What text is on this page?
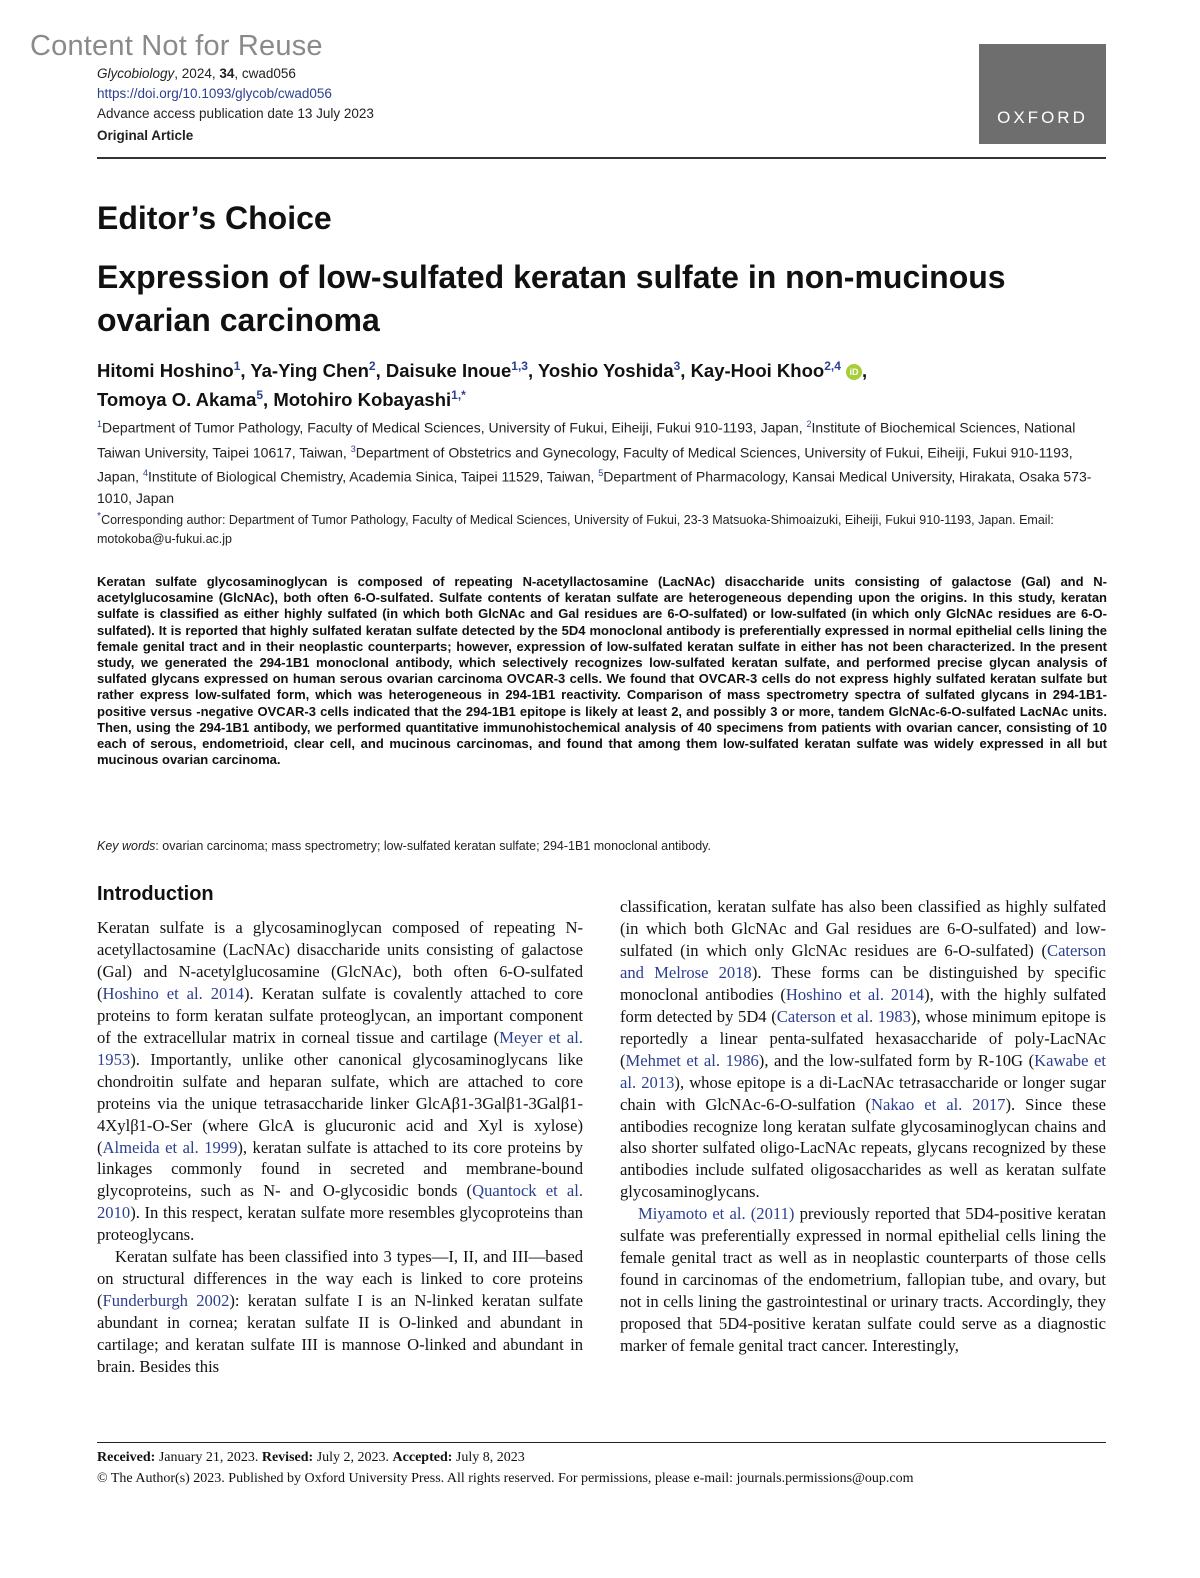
Content Not for Reuse
Glycobiology, 2024, 34, cwad056
https://doi.org/10.1093/glycob/cwad056
Advance access publication date 13 July 2023
Original Article
OXFORD
Editor’s Choice
Expression of low-sulfated keratan sulfate in non-mucinous ovarian carcinoma
Hitomi Hoshino$^1$, Ya-Ying Chen$^2$, Daisuke Inoue$^{1,3}$, Yoshio Yoshida$^3$, Kay-Hooi Khoo$^{2,4}$ iD ,
Tomoya O. Akama$^5$, Motohiro Kobayashi$^{1,*}$
$^1$Department of Tumor Pathology, Faculty of Medical Sciences, University of Fukui, Eiheiji, Fukui 910-1193, Japan, $^2$Institute of Biochemical Sciences, National Taiwan University, Taipei 10617, Taiwan, $^3$Department of Obstetrics and Gynecology, Faculty of Medical Sciences, University of Fukui, Eiheiji, Fukui 910-1193, Japan, $^4$Institute of Biological Chemistry, Academia Sinica, Taipei 11529, Taiwan, $^5$Department of Pharmacology, Kansai Medical University, Hirakata, Osaka 573-1010, Japan
*Corresponding author: Department of Tumor Pathology, Faculty of Medical Sciences, University of Fukui, 23-3 Matsuoka-Shimoaizuki, Eiheiji, Fukui 910-1193, Japan. Email: motokoba@u-fukui.ac.jp
Keratan sulfate glycosaminoglycan is composed of repeating N-acetyllactosamine (LacNAc) disaccharide units consisting of galactose (Gal) and N-acetylglucosamine (GlcNAc), both often 6-O-sulfated. Sulfate contents of keratan sulfate are heterogeneous depending upon the origins. In this study, keratan sulfate is classified as either highly sulfated (in which both GlcNAc and Gal residues are 6-O-sulfated) or low-sulfated (in which only GlcNAc residues are 6-O-sulfated). It is reported that highly sulfated keratan sulfate detected by the 5D4 monoclonal antibody is preferentially expressed in normal epithelial cells lining the female genital tract and in their neoplastic counterparts; however, expression of low-sulfated keratan sulfate in either has not been characterized. In the present study, we generated the 294-1B1 monoclonal antibody, which selectively recognizes low-sulfated keratan sulfate, and performed precise glycan analysis of sulfated glycans expressed on human serous ovarian carcinoma OVCAR-3 cells. We found that OVCAR-3 cells do not express highly sulfated keratan sulfate but rather express low-sulfated form, which was heterogeneous in 294-1B1 reactivity. Comparison of mass spectrometry spectra of sulfated glycans in 294-1B1-positive versus -negative OVCAR-3 cells indicated that the 294-1B1 epitope is likely at least 2, and possibly 3 or more, tandem GlcNAc-6-O-sulfated LacNAc units. Then, using the 294-1B1 antibody, we performed quantitative immunohistochemical analysis of 40 specimens from patients with ovarian cancer, consisting of 10 each of serous, endometrioid, clear cell, and mucinous carcinomas, and found that among them low-sulfated keratan sulfate was widely expressed in all but mucinous ovarian carcinoma.
Key words: ovarian carcinoma; mass spectrometry; low-sulfated keratan sulfate; 294-1B1 monoclonal antibody.
Introduction

Keratan sulfate is a glycosaminoglycan composed of repeating N-acetyllactosamine (LacNAc) disaccharide units consisting of galactose (Gal) and N-acetylglucosamine (GlcNAc), both often 6-O-sulfated (Hoshino et al. 2014). Keratan sulfate is covalently attached to core proteins to form keratan sulfate proteoglycan, an important component of the extracellular matrix in corneal tissue and cartilage (Meyer et al. 1953). Importantly, unlike other canonical glycosaminoglycans like chondroitin sulfate and heparan sulfate, which are attached to core proteins via the unique tetrasaccharide linker GlcAβ1-3Galβ1-3Galβ1-4Xylβ1-O-Ser (where GlcA is glucuronic acid and Xyl is xylose) (Almeida et al. 1999), keratan sulfate is attached to its core proteins by linkages commonly found in secreted and membrane-bound glycoproteins, such as N- and O-glycosidic bonds (Quantock et al. 2010). In this respect, keratan sulfate more resembles glycoproteins than proteoglycans.

Keratan sulfate has been classified into 3 types—I, II, and III—based on structural differences in the way each is linked to core proteins (Funderburgh 2002): keratan sulfate I is an N-linked keratan sulfate abundant in cornea; keratan sulfate II is O-linked and abundant in cartilage; and keratan sulfate III is mannose O-linked and abundant in brain. Besides this

classification, keratan sulfate has also been classified as highly sulfated (in which both GlcNAc and Gal residues are 6-O-sulfated) and low-sulfated (in which only GlcNAc residues are 6-O-sulfated) (Caterson and Melrose 2018). These forms can be distinguished by specific monoclonal antibodies (Hoshino et al. 2014), with the highly sulfated form detected by 5D4 (Caterson et al. 1983), whose minimum epitope is reportedly a linear penta-sulfated hexasaccharide of poly-LacNAc (Mehmet et al. 1986), and the low-sulfated form by R-10G (Kawabe et al. 2013), whose epitope is a di-LacNAc tetrasaccharide or longer sugar chain with GlcNAc-6-O-sulfation (Nakao et al. 2017). Since these antibodies recognize long keratan sulfate glycosaminoglycan chains and also shorter sulfated oligo-LacNAc repeats, glycans recognized by these antibodies include sulfated oligosaccharides as well as keratan sulfate glycosaminoglycans.

Miyamoto et al. (2011) previously reported that 5D4-positive keratan sulfate was preferentially expressed in normal epithelial cells lining the female genital tract as well as in neoplastic counterparts of those cells found in carcinomas of the endometrium, fallopian tube, and ovary, but not in cells lining the gastrointestinal or urinary tracts. Accordingly, they proposed that 5D4-positive keratan sulfate could serve as a diagnostic marker of female genital tract cancer. Interestingly,

Received: January 21, 2023. Revised: July 2, 2023. Accepted: July 8, 2023
© The Author(s) 2023. Published by Oxford University Press. All rights reserved. For permissions, please e-mail: journals.permissions@oup.com
